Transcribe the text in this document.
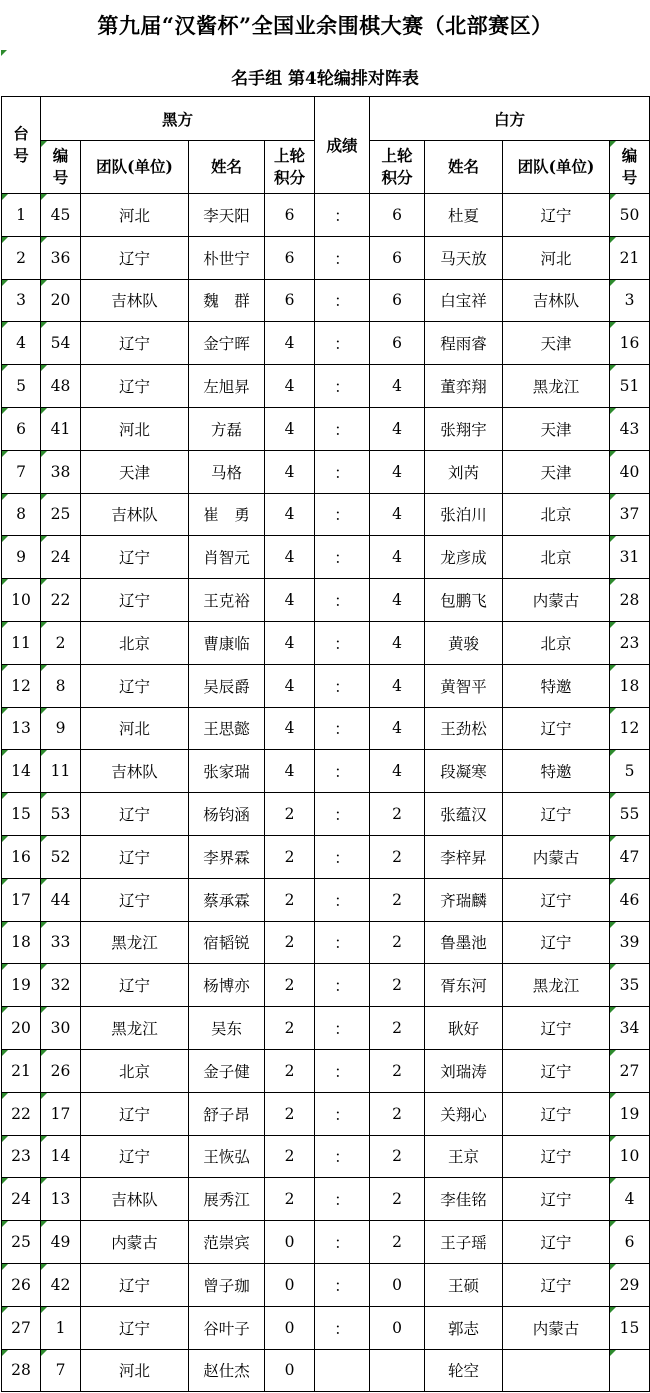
第九届“汉酱杯”全国业余围棋大赛（北部赛区）
名手组 第4轮编排对阵表
台号	黑方				成绩	白方			
	编号	团队(单位)	姓名	上轮积分		上轮积分	姓名	团队(单位)	编号
1	45	河北	李天阳	6	：	6	杜夏	辽宁	50
2	36	辽宁	朴世宁	6	：	6	马天放	河北	21
3	20	吉林队	魏　群	6	：	6	白宝祥	吉林队	3
4	54	辽宁	金宁晖	4	：	6	程雨睿	天津	16
5	48	辽宁	左旭昇	4	：	4	董弈翔	黑龙江	51
6	41	河北	方磊	4	：	4	张翔宇	天津	43
7	38	天津	马格	4	：	4	刘芮	天津	40
8	25	吉林队	崔　勇	4	：	4	张泊川	北京	37
9	24	辽宁	肖智元	4	：	4	龙彦成	北京	31
10	22	辽宁	王克裕	4	：	4	包鹏飞	内蒙古	28
11	2	北京	曹康临	4	：	4	黄骏	北京	23
12	8	辽宁	吴辰爵	4	：	4	黄智平	特邀	18
13	9	河北	王思懿	4	：	4	王劲松	辽宁	12
14	11	吉林队	张家瑞	4	：	4	段凝寒	特邀	5
15	53	辽宁	杨钧涵	2	：	2	张蕴汉	辽宁	55
16	52	辽宁	李界霖	2	：	2	李梓昇	内蒙古	47
17	44	辽宁	蔡承霖	2	：	2	齐瑞麟	辽宁	46
18	33	黑龙江	宿韬锐	2	：	2	鲁墨池	辽宁	39
19	32	辽宁	杨博亦	2	：	2	胥东河	黑龙江	35
20	30	黑龙江	吴东	2	：	2	耿好	辽宁	34
21	26	北京	金子健	2	：	2	刘瑞涛	辽宁	27
22	17	辽宁	舒子昂	2	：	2	关翔心	辽宁	19
23	14	辽宁	王恢弘	2	：	2	王京	辽宁	10
24	13	吉林队	展秀江	2	：	2	李佳铭	辽宁	4
25	49	内蒙古	范崇宾	0	：	2	王子瑶	辽宁	6
26	42	辽宁	曾子珈	0	：	0	王硕	辽宁	29
27	1	辽宁	谷叶子	0	：	0	郭志	内蒙古	15
28	7	河北	赵仕杰	0			轮空		
